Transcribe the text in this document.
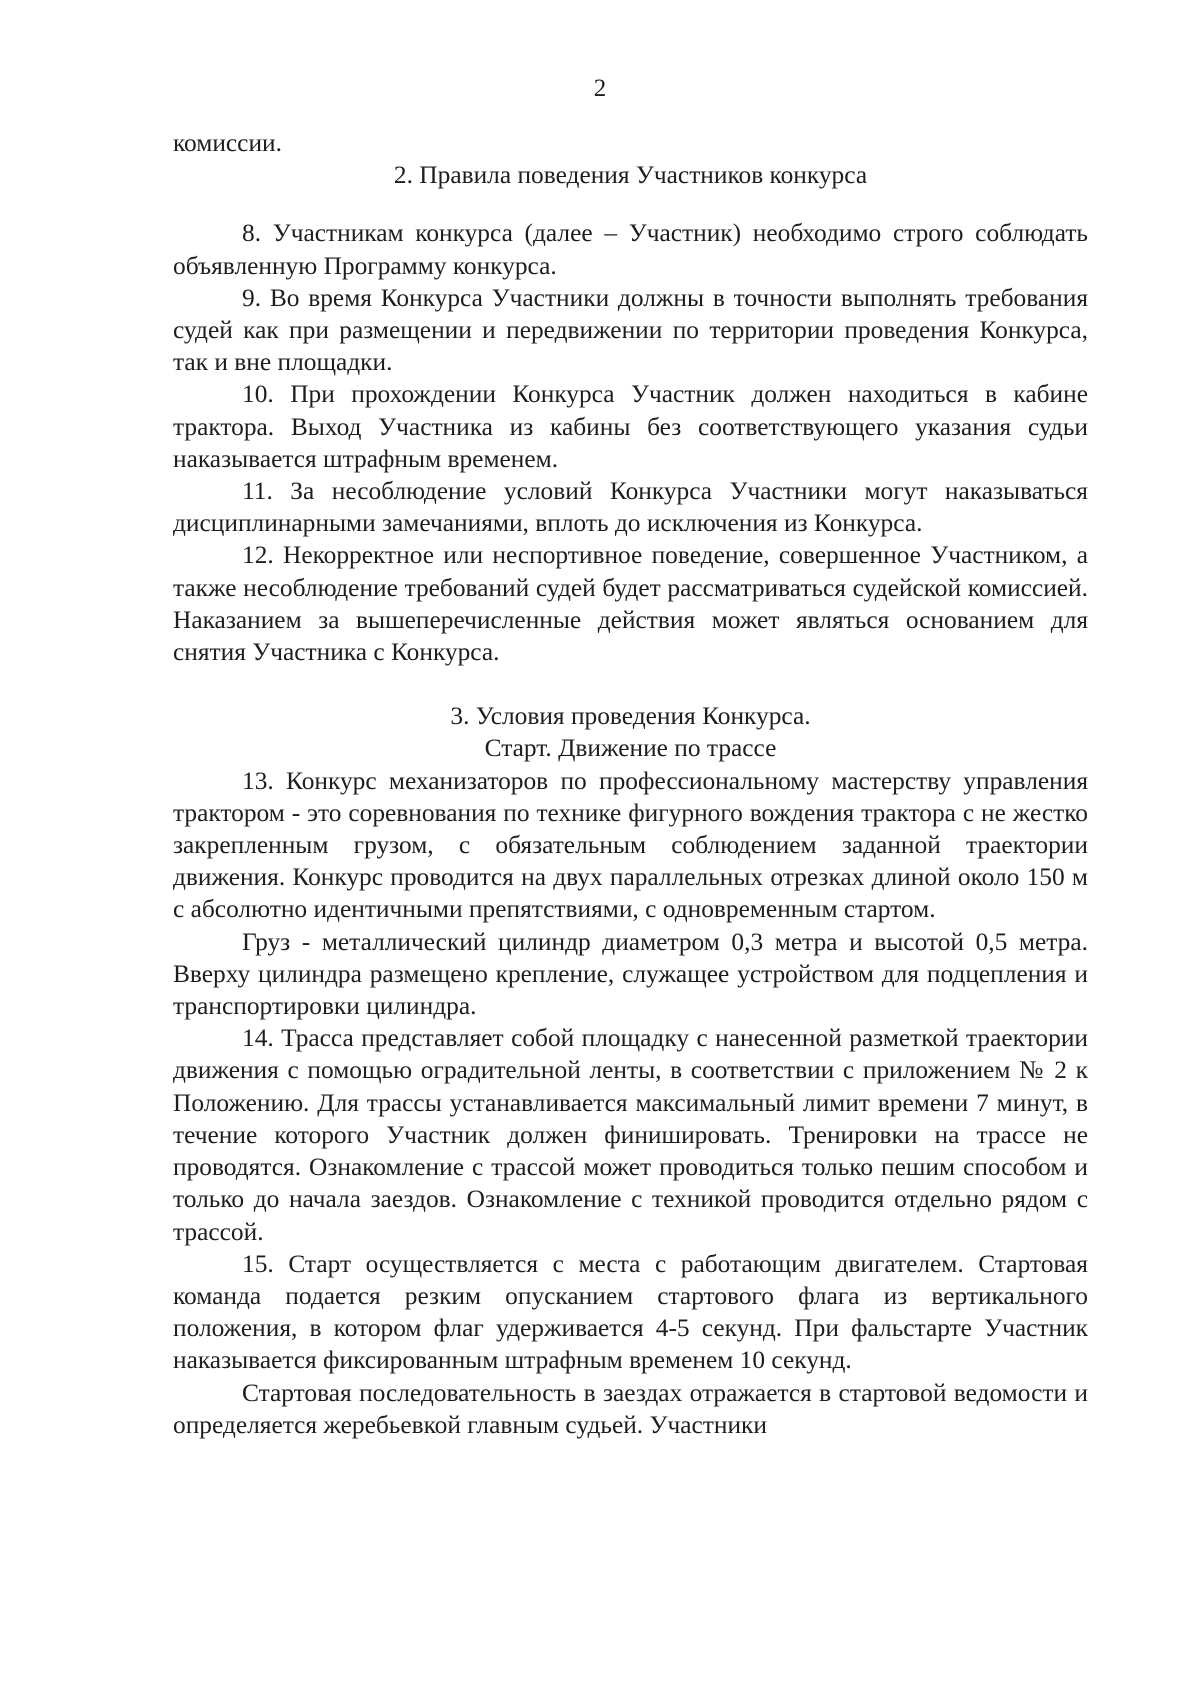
2

комиссии.

2. Правила поведения Участников конкурса

8. Участникам конкурса (далее – Участник) необходимо строго соблюдать объявленную Программу конкурса.

9. Во время Конкурса Участники должны в точности выполнять требования судей как при размещении и передвижении по территории проведения Конкурса, так и вне площадки.

10. При прохождении Конкурса Участник должен находиться в кабине трактора. Выход Участника из кабины без соответствующего указания судьи наказывается штрафным временем.

11. За несоблюдение условий Конкурса Участники могут наказываться дисциплинарными замечаниями, вплоть до исключения из Конкурса.

12. Некорректное или неспортивное поведение, совершенное Участником, а также несоблюдение требований судей будет рассматриваться судейской комиссией. Наказанием за вышеперечисленные действия может являться основанием для снятия Участника с Конкурса.

3. Условия проведения Конкурса.

Старт. Движение по трассе

13. Конкурс механизаторов по профессиональному мастерству управления трактором - это соревнования по технике фигурного вождения трактора с не жестко закрепленным грузом, с обязательным соблюдением заданной траектории движения. Конкурс проводится на двух параллельных отрезках длиной около 150 м с абсолютно идентичными препятствиями, с одновременным стартом.

Груз - металлический цилиндр диаметром 0,3 метра и высотой 0,5 метра. Вверху цилиндра размещено крепление, служащее устройством для подцепления и транспортировки цилиндра.

14. Трасса представляет собой площадку с нанесенной разметкой траектории движения с помощью оградительной ленты, в соответствии с приложением № 2 к Положению. Для трассы устанавливается максимальный лимит времени 7 минут, в течение которого Участник должен финишировать. Тренировки на трассе не проводятся. Ознакомление с трассой может проводиться только пешим способом и только до начала заездов. Ознакомление с техникой проводится отдельно рядом с трассой.

15. Старт осуществляется с места с работающим двигателем. Стартовая команда подается резким опусканием стартового флага из вертикального положения, в котором флаг удерживается 4-5 секунд. При фальстарте Участник наказывается фиксированным штрафным временем 10 секунд.

Стартовая последовательность в заездах отражается в стартовой ведомости и определяется жеребьевкой главным судьей. Участники
